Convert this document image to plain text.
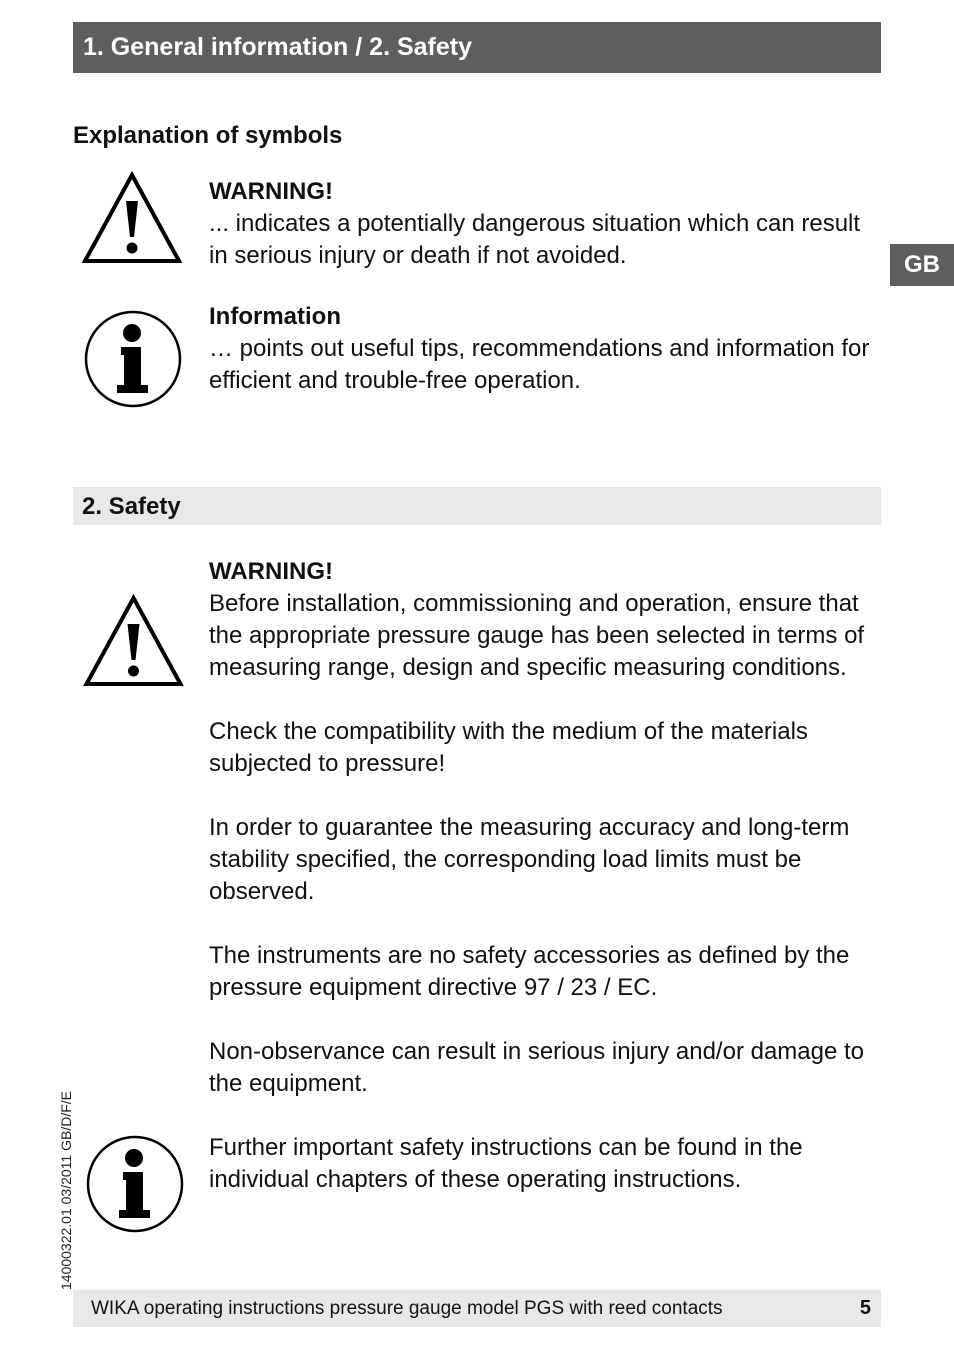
1. General information / 2. Safety
GB
Explanation of symbols
WARNING!

... indicates a potentially dangerous situation which can result in serious injury or death if not avoided.

Information

… points out useful tips, recommendations and information for efficient and trouble-free operation.

2. Safety
WARNING!

Before installation, commissioning and operation, ensure that the appropriate pressure gauge has been selected in terms of measuring range, design and specific measuring conditions.

Check the compatibility with the medium of the materials subjected to pressure!

In order to guarantee the measuring accuracy and long-term stability specified, the corresponding load limits must be observed.

The instruments are no safety accessories as defined by the pressure equipment directive 97 / 23 / EC.

Non-observance can result in serious injury and/or damage to the equipment.

Further important safety instructions can be found in the individual chapters of these operating instructions.

14000322.01 03/2011 GB/D/F/E
WIKA operating instructions pressure gauge model PGS with reed contacts	5
